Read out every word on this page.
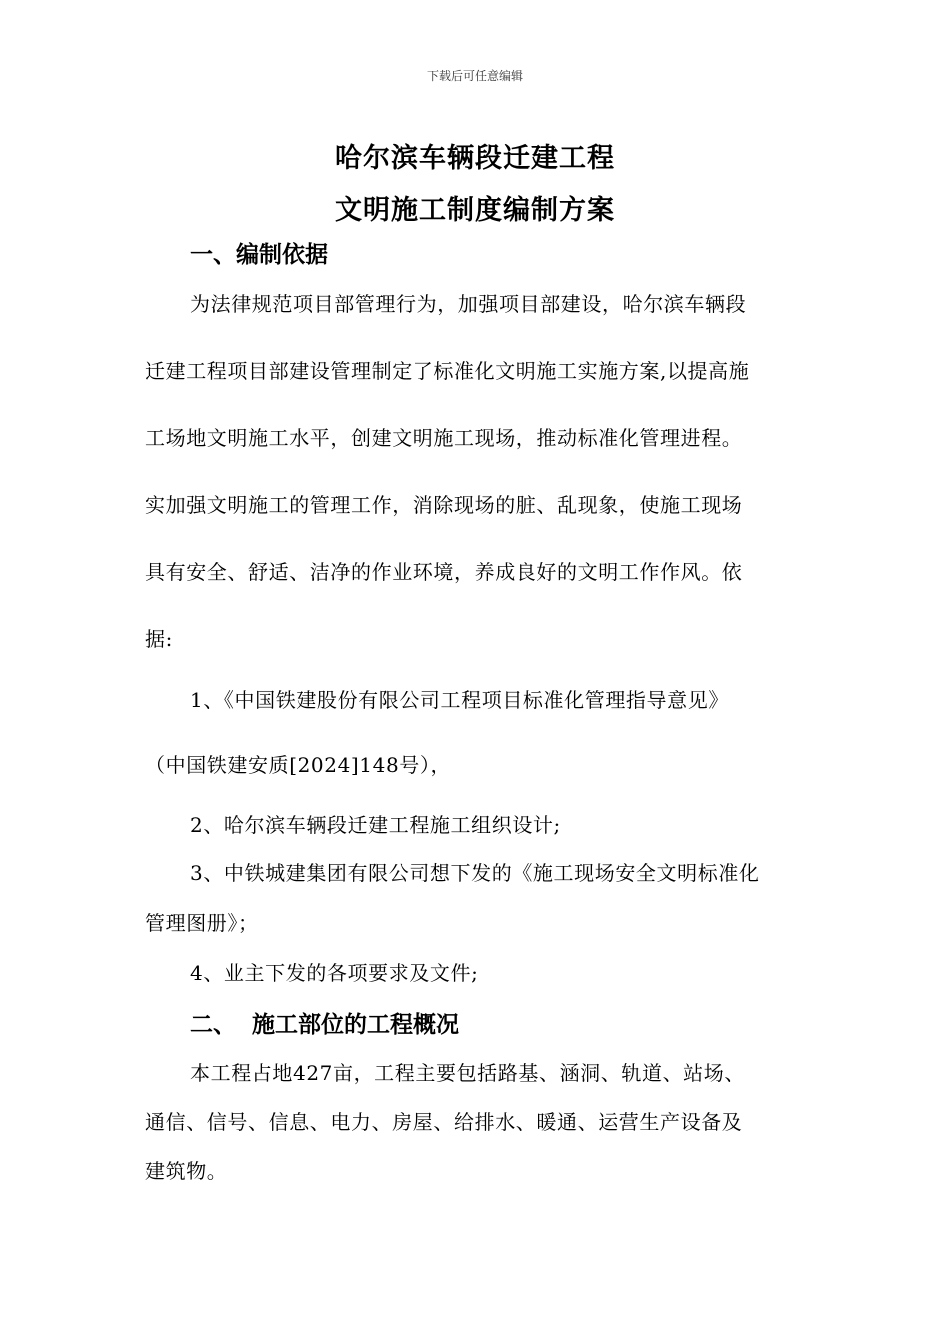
下载后可任意编辑
哈尔滨车辆段迁建工程
文明施工制度编制方案
一、编制依据
为法律规范项目部管理行为，加强项目部建设，哈尔滨车辆段
迁建工程项目部建设管理制定了标准化文明施工实施方案,以提高施
工场地文明施工水平，创建文明施工现场，推动标准化管理进程。
实加强文明施工的管理工作，消除现场的脏、乱现象，使施工现场
具有安全、舒适、洁净的作业环境，养成良好的文明工作作风。依
据:
1、《中国铁建股份有限公司工程项目标准化管理指导意见》
（中国铁建安质[2024]148号），
2、哈尔滨车辆段迁建工程施工组织设计;
3、中铁城建集团有限公司想下发的《施工现场安全文明标准化
管理图册》；
4、业主下发的各项要求及文件;
二、  施工部位的工程概况
本工程占地427亩，工程主要包括路基、涵洞、轨道、站场、
通信、信号、信息、电力、房屋、给排水、暖通、运营生产设备及
建筑物。
